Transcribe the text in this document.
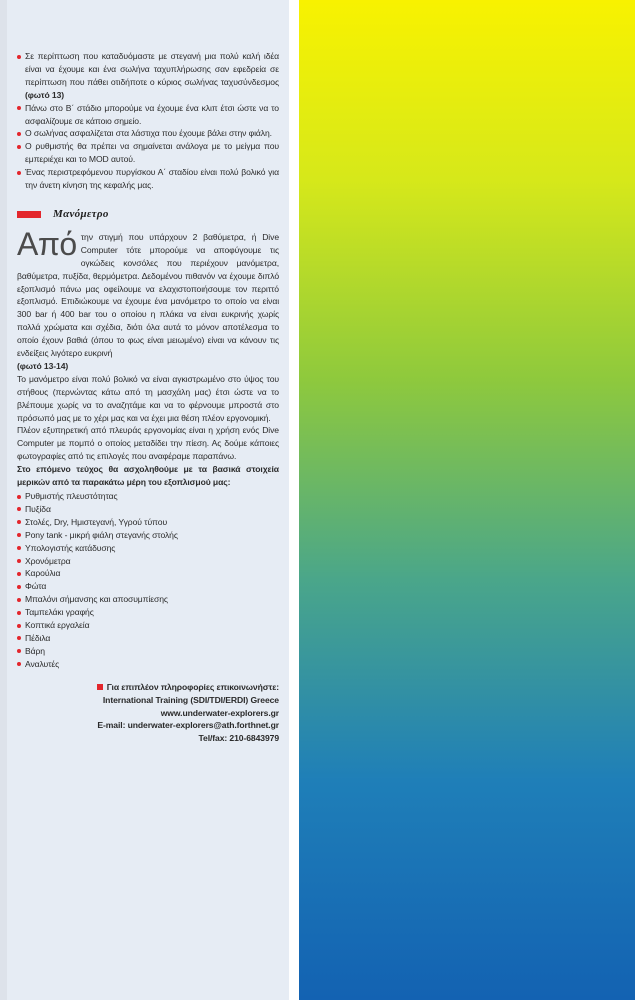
Σε περίπτωση που καταδυόμαστε με στεγανή μια πολύ καλή ιδέα είναι να έχουμε και ένα σωλήνα ταχυπλήρωσης σαν εφεδρεία σε περίπτωση που πάθει οτιδήποτε ο κύριος σωλήνας ταχυσύνδεσμος (φωτό 13)

Πάνω στο Β΄ στάδιο μπορούμε να έχουμε ένα κλιπ έτσι ώστε να το ασφαλίζουμε σε κάποιο σημείο.

Ο σωλήνας ασφαλίζεται στα λάστιχα που έχουμε βάλει στην φιάλη.

Ο ρυθμιστής θα πρέπει να σημαίνεται ανάλογα με το μείγμα που εμπεριέχει και το MOD αυτού.

Ένας περιστρεφόμενου πυργίσκου Α΄ σταδίου είναι πολύ βολικό για την άνετη κίνηση της κεφαλής μας.

Μανόμετρο

Από την στιγμή που υπάρχουν 2 βαθύμετρα, ή Dive Computer τότε μπορούμε να αποφύγουμε τις ογκώδεις κονσόλες που περιέχουν μανόμετρα, βαθύμετρα, πυξίδα, θερμόμετρα. Δεδομένου πιθανόν να έχουμε διπλό εξοπλισμό πάνω μας οφείλουμε να ελαχιστοποιήσουμε τον περιττό εξοπλισμό. Επιδιώκουμε να έχουμε ένα μανόμετρο το οποίο να είναι 300 bar ή 400 bar του ο οποίου η πλάκα να είναι ευκρινής χωρίς πολλά χρώματα και σχέδια, διότι όλα αυτά το μόνον αποτέλεσμα το οποίο έχουν βαθιά (όπου το φως είναι μειωμένο) είναι να κάνουν τις ενδείξεις λιγότερο ευκρινή
(φωτό 13-14)

Το μανόμετρο είναι πολύ βολικό να είναι αγκιστρωμένο στο ύψος του στήθους (περνώντας κάτω από τη μασχάλη μας) έτσι ώστε να το βλέπουμε χωρίς να το αναζητάμε και να το φέρνουμε μπροστά στο πρόσωπό μας με το χέρι μας και να έχει μια θέση πλέον εργονομική.

Πλέον εξυπηρετική από πλευράς εργονομίας είναι η χρήση ενός Dive Computer με πομπό ο οποίος μεταδίδει την πίεση. Ας δούμε κάποιες φωτογραφίες από τις επιλογές που αναφέραμε παραπάνω.

Στο επόμενο τεύχος θα ασχοληθούμε με τα βασικά στοιχεία μερικών από τα παρακάτω μέρη του εξοπλισμού μας:

Ρυθμιστής πλευστότητας
Πυξίδα
Στολές, Dry, Ημιστεγανή, Υγρού τύπου
Pony tank - μικρή φιάλη στεγανής στολής
Υπολογιστής κατάδυσης
Χρονόμετρα
Καρούλια
Φώτα
Μπαλόνι σήμανσης και αποσυμπίεσης
Ταμπελάκι γραφής
Κοπτικά εργαλεία
Πέδιλα
Βάρη
Αναλυτές
Για επιπλέον πληροφορίες επικοινωνήστε:
International Training (SDI/TDI/ERDI) Greece
www.underwater-explorers.gr
E-mail: underwater-explorers@ath.forthnet.gr
Tel/fax: 210-6843979
